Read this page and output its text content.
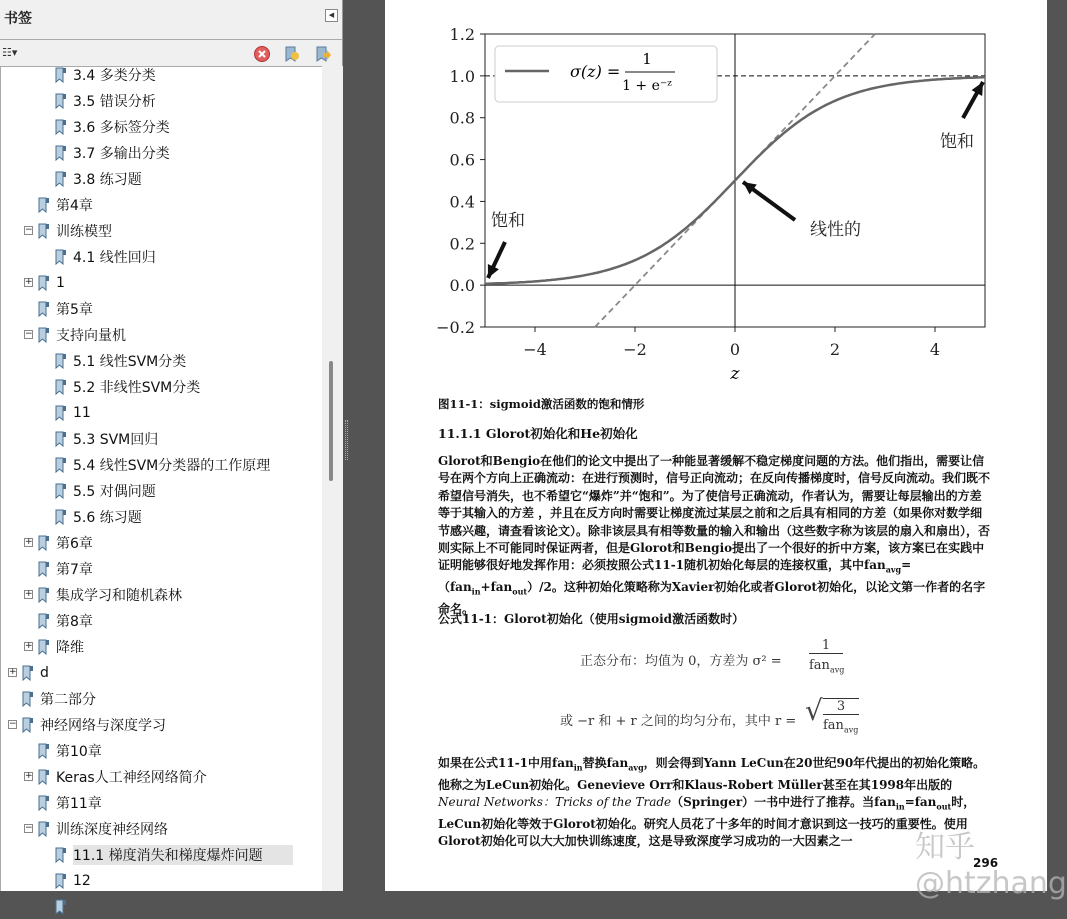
书签	◀
☷▾
3.4 多类分类
3.5 错误分析
3.6 多标签分类
3.7 多输出分类
3.8 练习题
第4章
训练模型
−
4.1 线性回归
1
+
第5章
支持向量机
−
5.1 线性SVM分类
5.2 非线性SVM分类
11
5.3 SVM回归
5.4 线性SVM分类器的工作原理
5.5 对偶问题
5.6 练习题
第6章
+
第7章
集成学习和随机森林
+
第8章
降维
+
d
+
第二部分
神经网络与深度学习
−
第10章
Keras人工神经网络简介
+
第11章
训练深度神经网络
−
11.1 梯度消失和梯度爆炸问题
12
−4	−2	0	2	4
1.2
1.0
0.8
0.6
0.4
0.2
0.0
−0.2
z
σ(z) =
1
1 + e⁻ᶻ
饱和
线性的
饱和
图11-1：sigmoid激活函数的饱和情形
11.1.1 Glorot初始化和He初始化
Glorot和Bengio在他们的论文中提出了一种能显著缓解不稳定梯度问题的方法。他们指出，需要让信号在两个方向上正确流动：在进行预测时，信号正向流动；在反向传播梯度时，信号反向流动。我们既不希望信号消失，也不希望它“爆炸”并“饱和”。为了使信号正确流动，作者认为，需要让每层输出的方差等于其输入的方差 ，并且在反方向时需要让梯度流过某层之前和之后具有相同的方差（如果你对数学细节感兴趣，请查看该论文）。除非该层具有相等数量的输入和输出（这些数字称为该层的扇入和扇出），否则实际上不可能同时保证两者，但是Glorot和Bengio提出了一个很好的折中方案，该方案已在实践中证明能够很好地发挥作用：必须按照公式11-1随机初始化每层的连接权重，其中fan$_{avg}$=（fan$_{in}$+fan$_{out}$）/2。这种初始化策略称为Xavier初始化或者Glorot初始化，以论文第一作者的名字命名。
公式11-1：Glorot初始化（使用sigmoid激活函数时）
正态分布：均值为 0，方差为 σ² =
1
fan$_{avg}$
或 −r 和 + r 之间的均匀分布，其中 r = √	3
fan$_{avg}$
如果在公式11-1中用fan$_{in}$替换fan$_{avg}$，则会得到Yann LeCun在20世纪90年代提出的初始化策略。他称之为LeCun初始化。Genevieve Orr和Klaus-Robert Müller甚至在其1998年出版的Neural Networks：Tricks of the Trade（Springer）一书中进行了推荐。当fan$_{in}$=fan$_{out}$时，LeCun初始化等效于Glorot初始化。研究人员花了十多年的时间才意识到这一技巧的重要性。使用Glorot初始化可以大大加快训练速度，这是导致深度学习成功的一大因素之一	知乎 @htzhang
296
